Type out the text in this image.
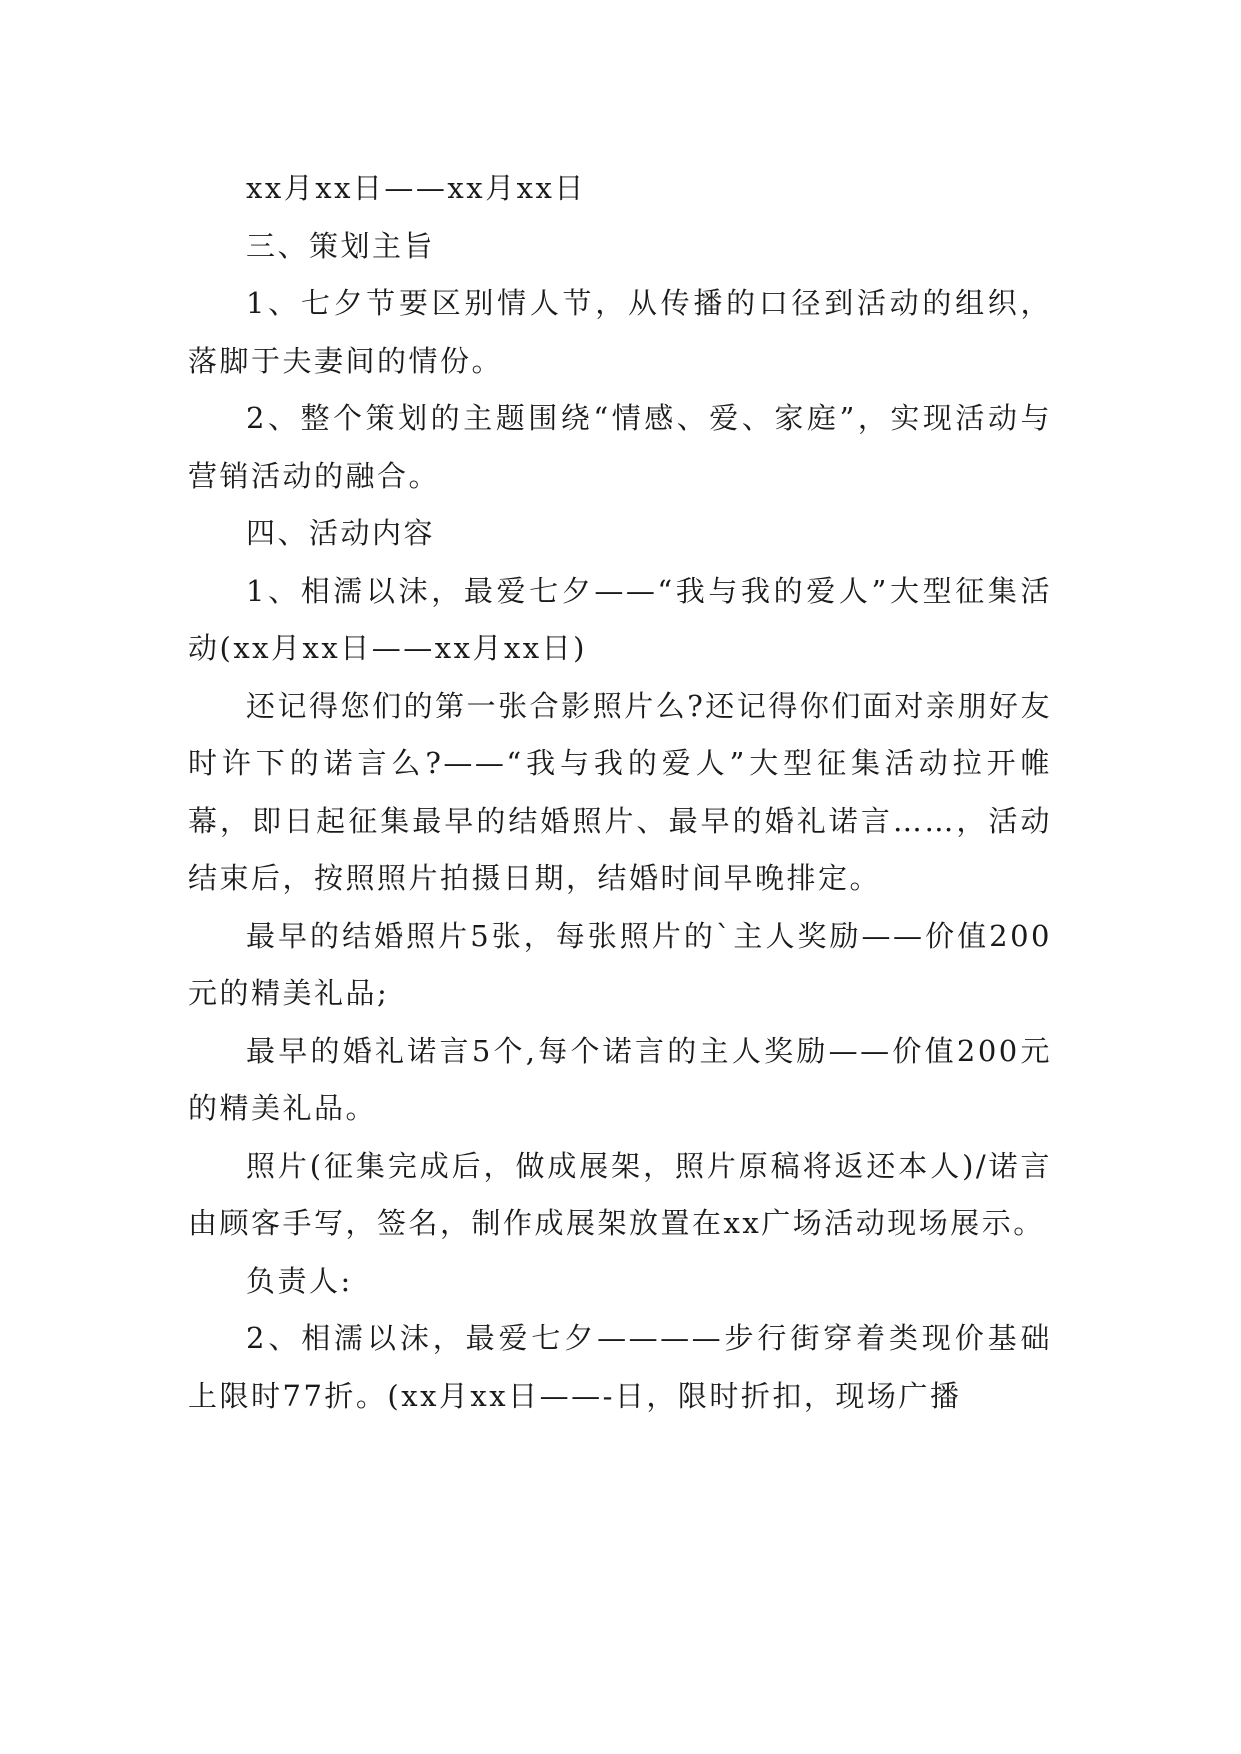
xx月xx日——xx月xx日

三、策划主旨

1、七夕节要区别情人节，从传播的口径到活动的组织，落脚于夫妻间的情份。

2、整个策划的主题围绕“情感、爱、家庭”，实现活动与营销活动的融合。

四、活动内容

1、相濡以沫，最爱七夕——“我与我的爱人”大型征集活动(xx月xx日——xx月xx日)

还记得您们的第一张合影照片么?还记得你们面对亲朋好友时许下的诺言么?——“我与我的爱人”大型征集活动拉开帷幕，即日起征集最早的结婚照片、最早的婚礼诺言……，活动结束后，按照照片拍摄日期，结婚时间早晚排定。

最早的结婚照片5张，每张照片的`主人奖励——价值200元的精美礼品;

最早的婚礼诺言5个,每个诺言的主人奖励——价值200元的精美礼品。

照片(征集完成后，做成展架，照片原稿将返还本人)/诺言由顾客手写，签名，制作成展架放置在xx广场活动现场展示。

负责人:

2、相濡以沫，最爱七夕————步行街穿着类现价基础上限时77折。(xx月xx日——-日，限时折扣，现场广播
